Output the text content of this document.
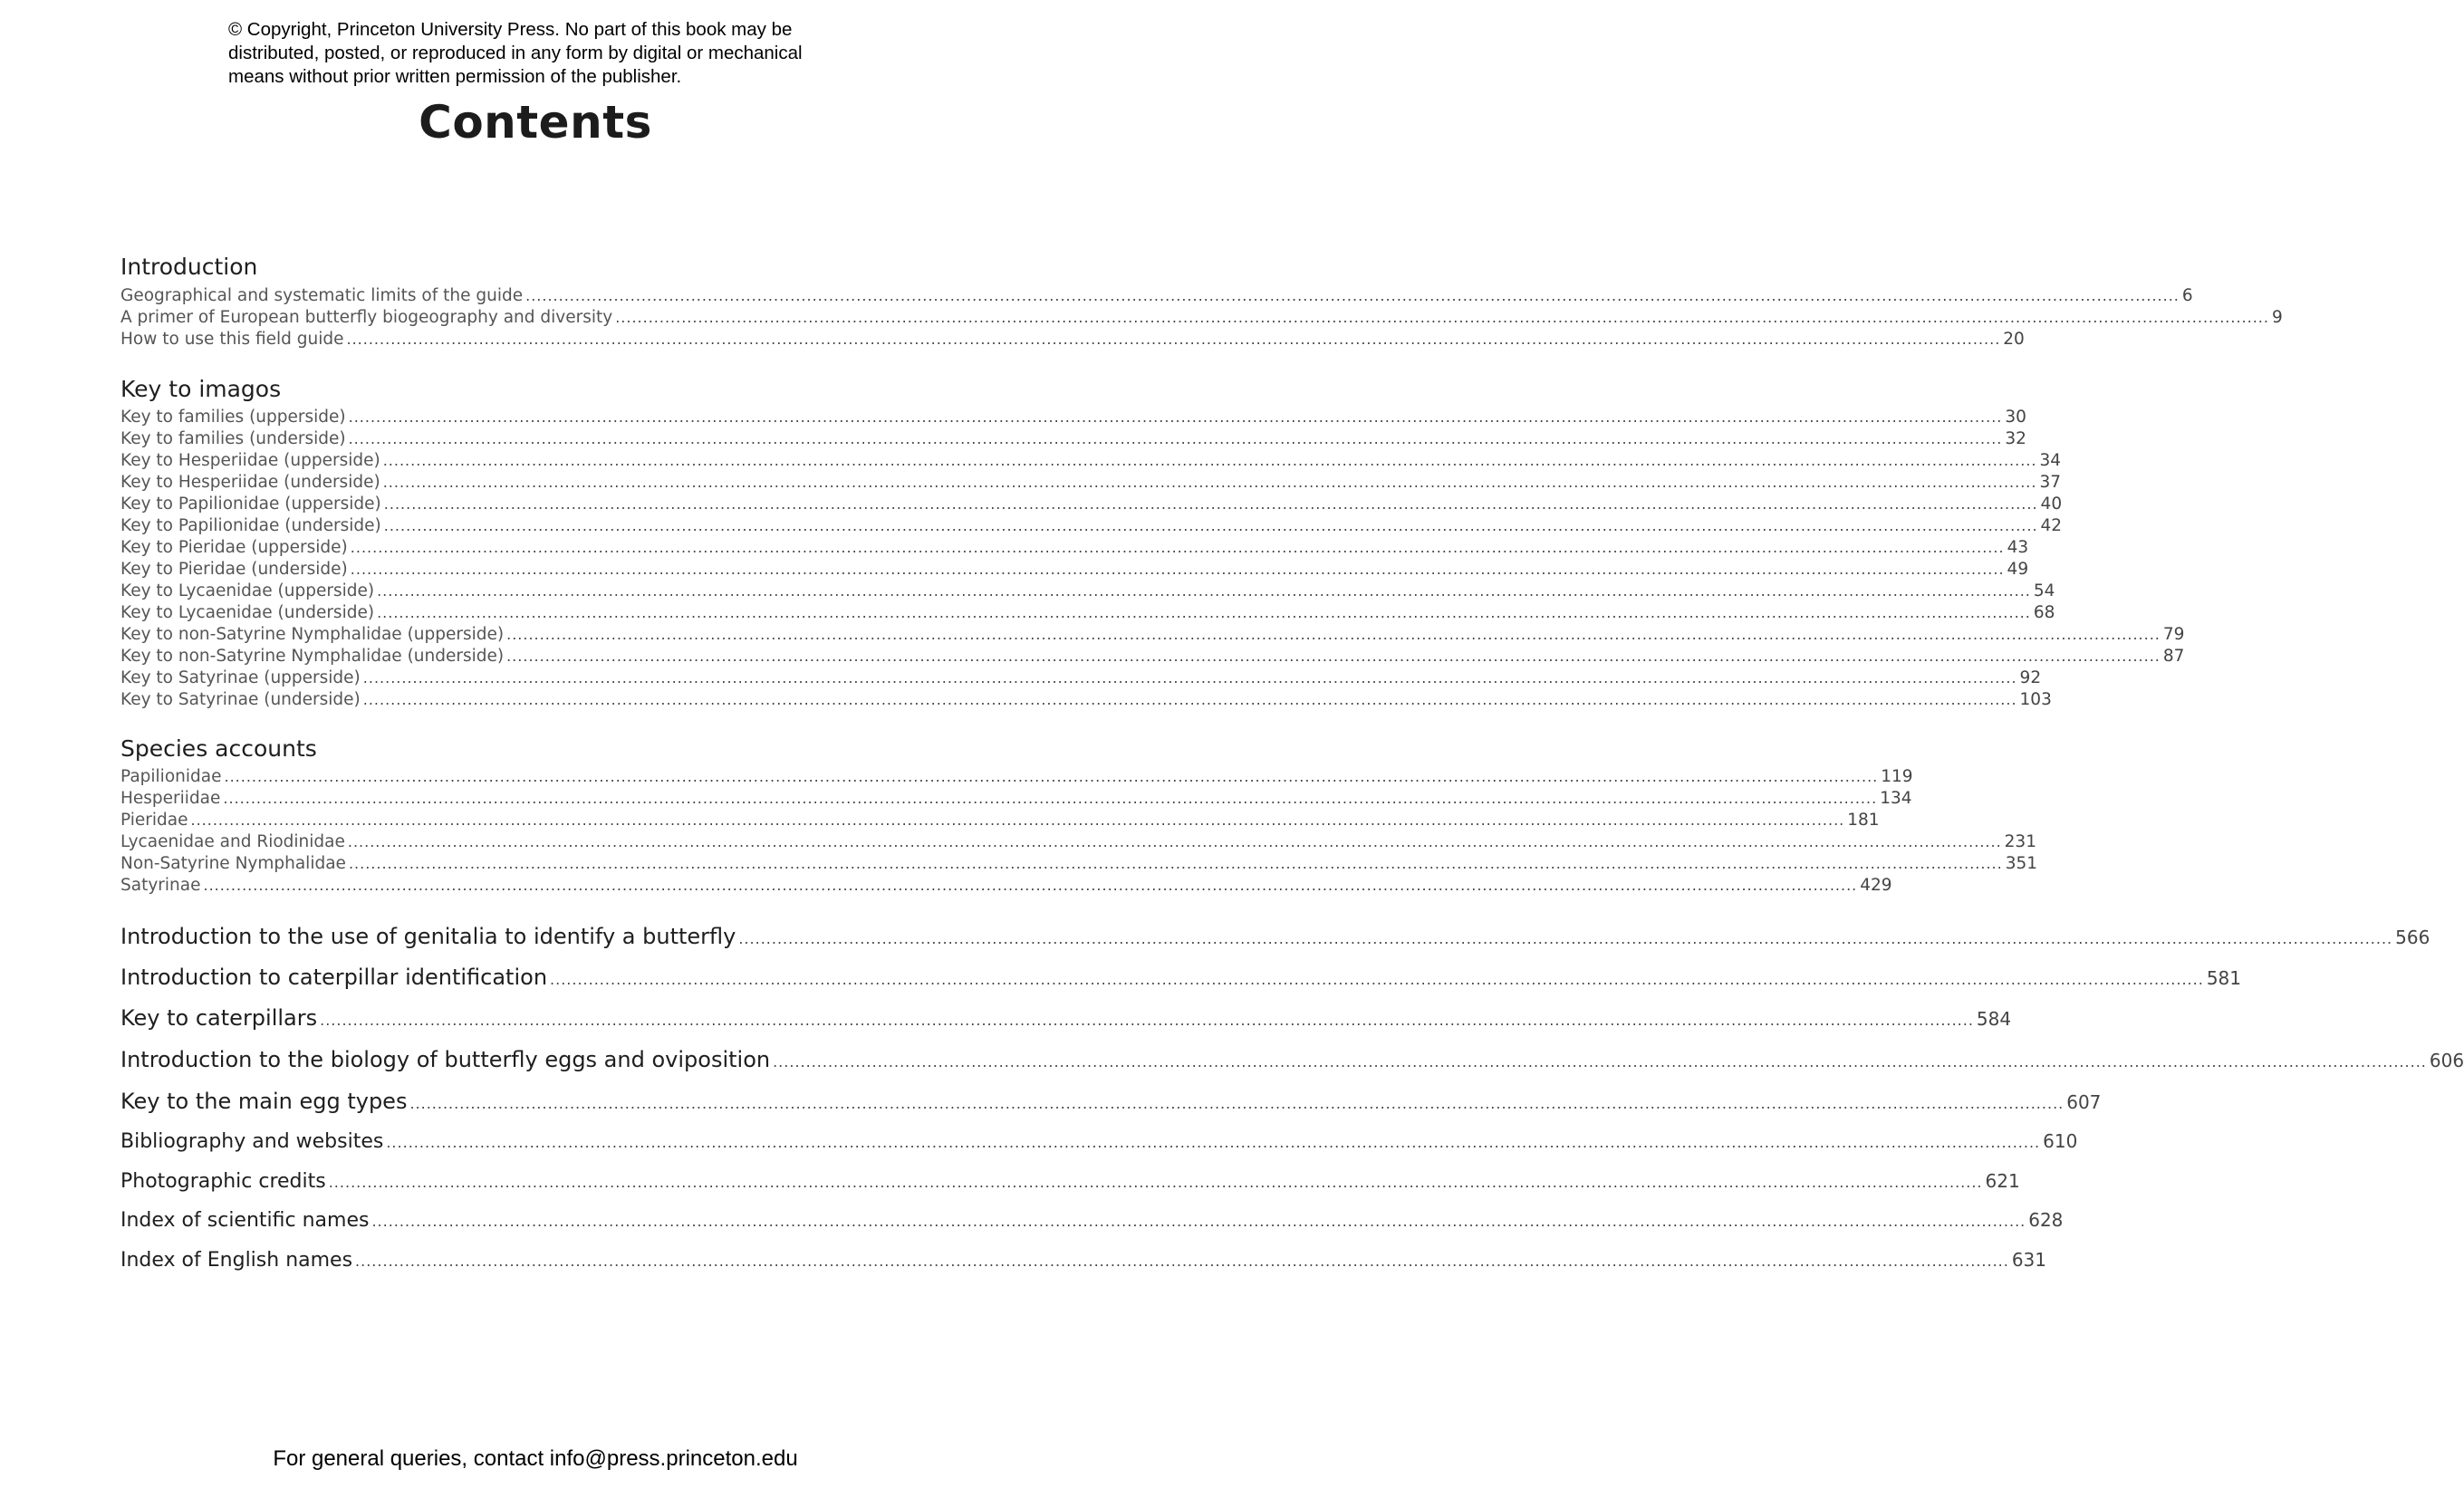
© Copyright, Princeton University Press. No part of this book may be
distributed, posted, or reproduced in any form by digital or mechanical
means without prior written permission of the publisher.
Contents
Introduction
Geographical and systematic limits of the guide ............................................................................................................................................................................................................................................................................................................ 6
A primer of European butterfly biogeography and diversity ............................................................................................................................................................................................................................................................................................................ 9
How to use this field guide ............................................................................................................................................................................................................................................................................................................ 20
Key to imagos
Key to families (upperside) ............................................................................................................................................................................................................................................................................................................ 30
Key to families (underside) ............................................................................................................................................................................................................................................................................................................ 32
Key to Hesperiidae (upperside) ............................................................................................................................................................................................................................................................................................................ 34
Key to Hesperiidae (underside) ............................................................................................................................................................................................................................................................................................................ 37
Key to Papilionidae (upperside) ............................................................................................................................................................................................................................................................................................................ 40
Key to Papilionidae (underside) ............................................................................................................................................................................................................................................................................................................ 42
Key to Pieridae (upperside) ............................................................................................................................................................................................................................................................................................................ 43
Key to Pieridae (underside) ............................................................................................................................................................................................................................................................................................................ 49
Key to Lycaenidae (upperside) ............................................................................................................................................................................................................................................................................................................ 54
Key to Lycaenidae (underside) ............................................................................................................................................................................................................................................................................................................ 68
Key to non-Satyrine Nymphalidae (upperside) ............................................................................................................................................................................................................................................................................................................ 79
Key to non-Satyrine Nymphalidae (underside) ............................................................................................................................................................................................................................................................................................................ 87
Key to Satyrinae (upperside) ............................................................................................................................................................................................................................................................................................................ 92
Key to Satyrinae (underside) ............................................................................................................................................................................................................................................................................................................ 103
Species accounts
Papilionidae ............................................................................................................................................................................................................................................................................................................ 119
Hesperiidae ............................................................................................................................................................................................................................................................................................................ 134
Pieridae ............................................................................................................................................................................................................................................................................................................ 181
Lycaenidae and Riodinidae ............................................................................................................................................................................................................................................................................................................ 231
Non-Satyrine Nymphalidae ............................................................................................................................................................................................................................................................................................................ 351
Satyrinae ............................................................................................................................................................................................................................................................................................................ 429
Introduction to the use of genitalia to identify a butterfly ............................................................................................................................................................................................................................................................................................................ 566
Introduction to caterpillar identification ............................................................................................................................................................................................................................................................................................................ 581
Key to caterpillars ............................................................................................................................................................................................................................................................................................................ 584
Introduction to the biology of butterfly eggs and oviposition ............................................................................................................................................................................................................................................................................................................ 606
Key to the main egg types ............................................................................................................................................................................................................................................................................................................ 607
Bibliography and websites ............................................................................................................................................................................................................................................................................................................ 610
Photographic credits ............................................................................................................................................................................................................................................................................................................ 621
Index of scientific names ............................................................................................................................................................................................................................................................................................................ 628
Index of English names ............................................................................................................................................................................................................................................................................................................ 631
For general queries, contact info@press.princeton.edu
